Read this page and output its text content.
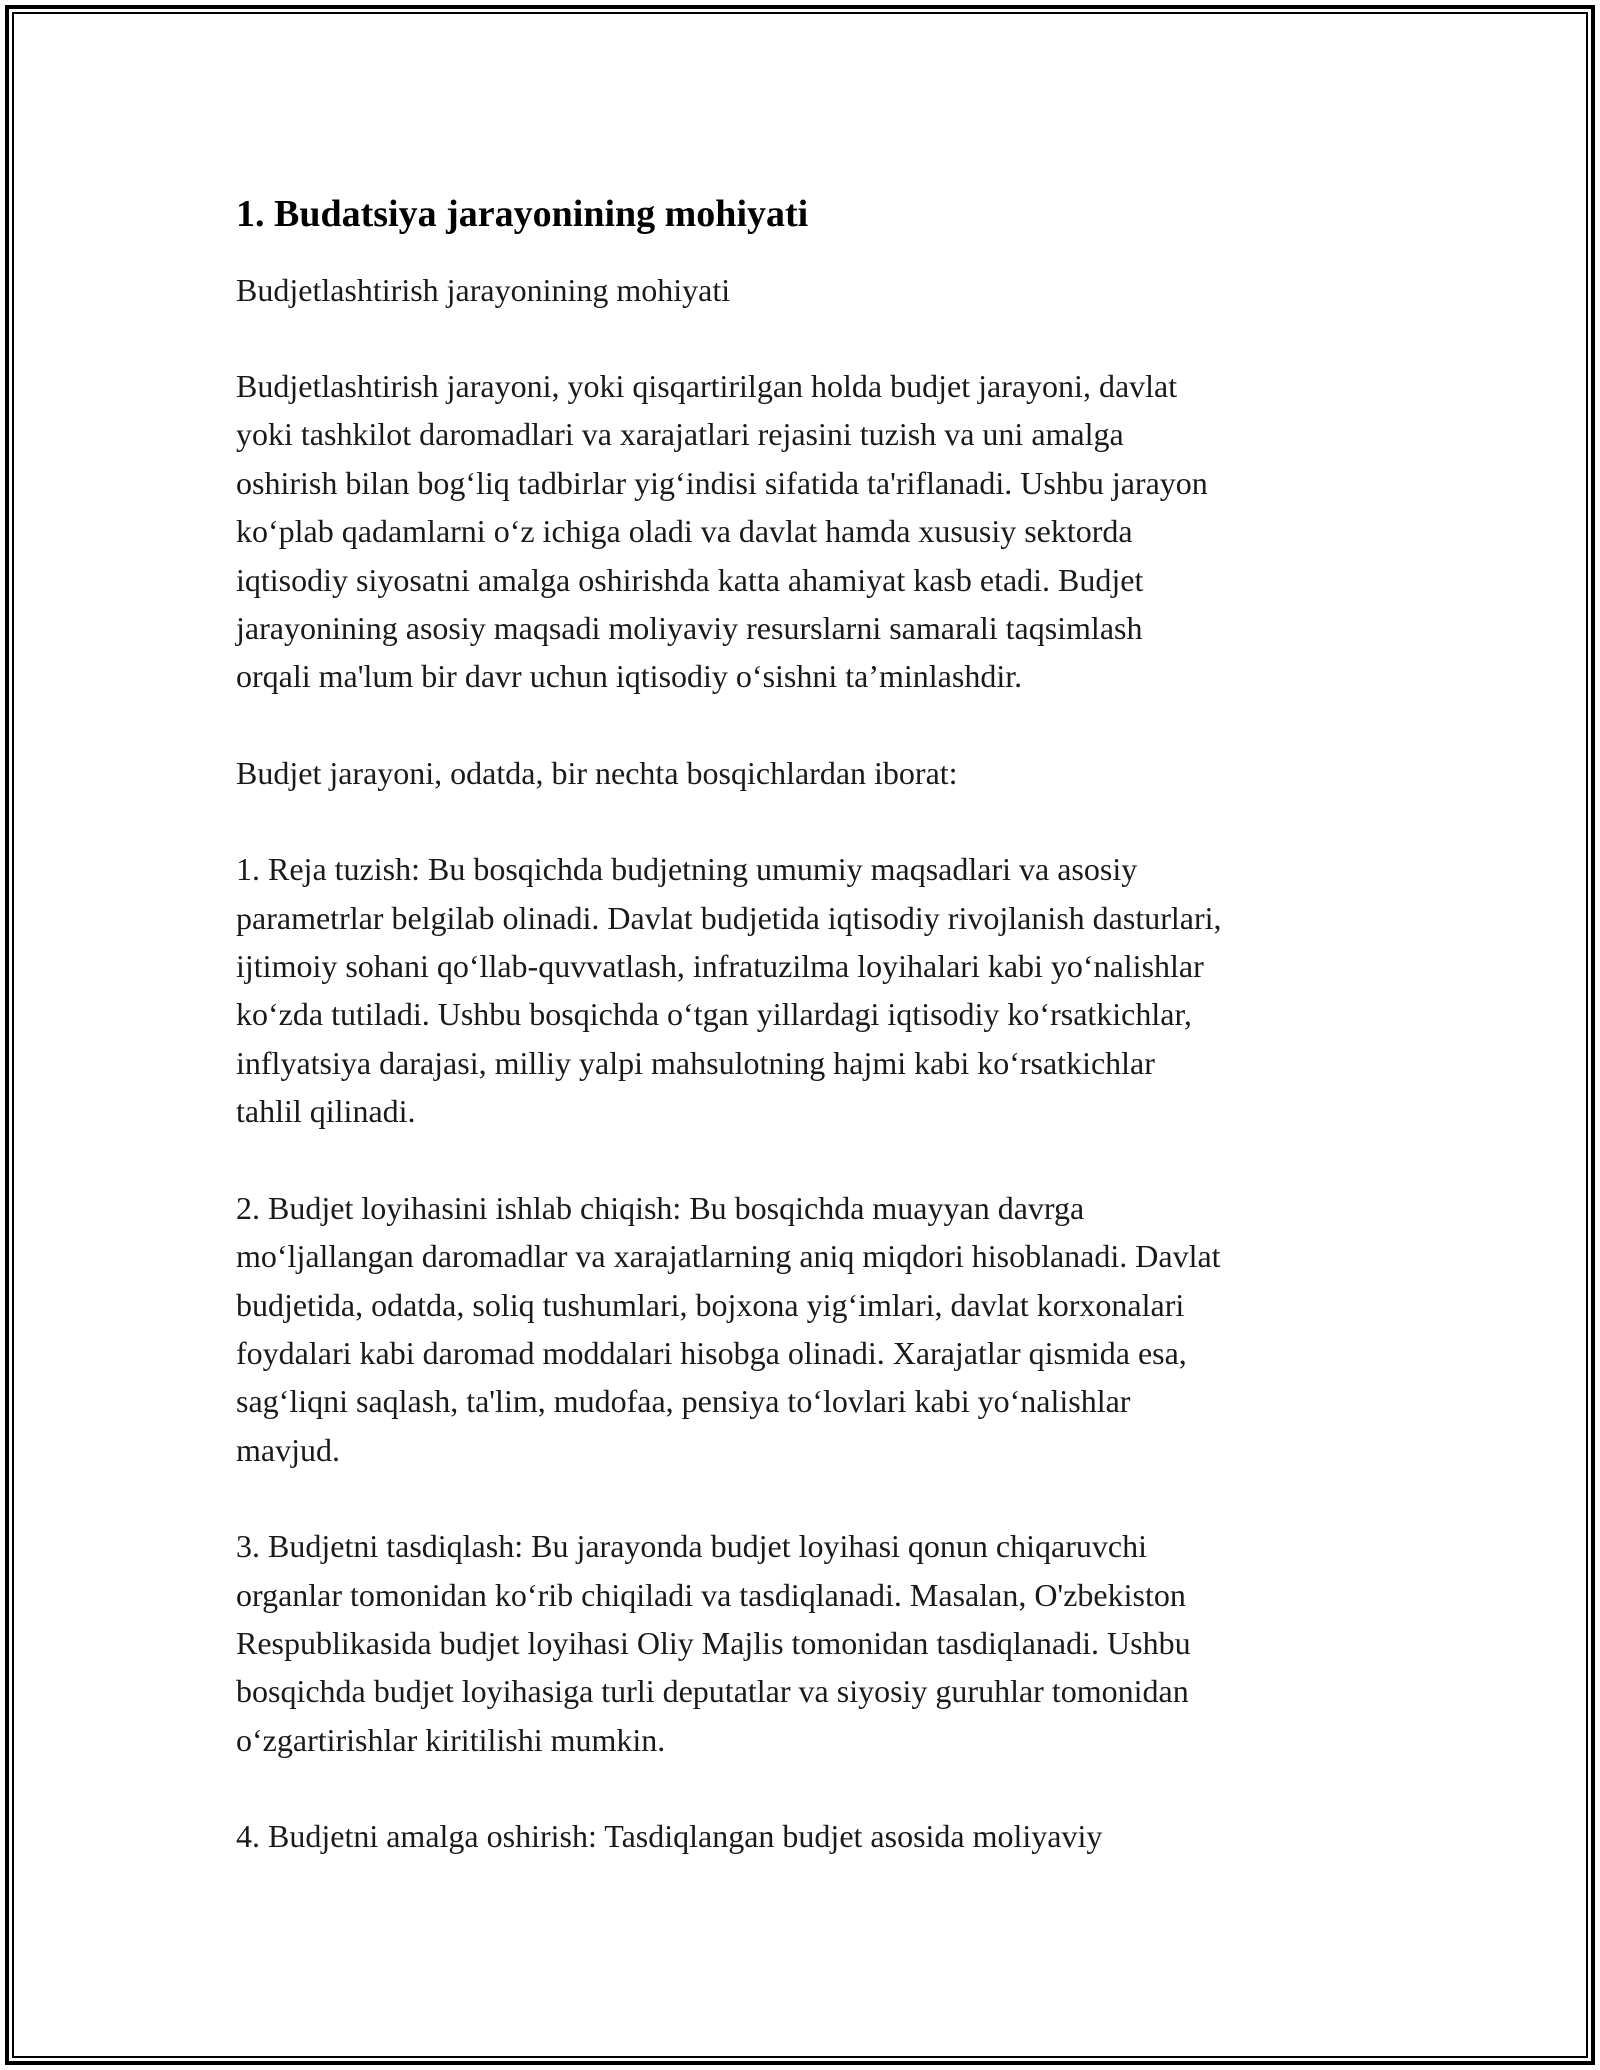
1. Budatsiya jarayonining mohiyati
Budjetlashtirish jarayonining mohiyati
Budjetlashtirish jarayoni, yoki qisqartirilgan holda budjet jarayoni, davlat
yoki tashkilot daromadlari va xarajatlari rejasini tuzish va uni amalga
oshirish bilan bog‘liq tadbirlar yig‘indisi sifatida ta'riflanadi. Ushbu jarayon
ko‘plab qadamlarni o‘z ichiga oladi va davlat hamda xususiy sektorda
iqtisodiy siyosatni amalga oshirishda katta ahamiyat kasb etadi. Budjet
jarayonining asosiy maqsadi moliyaviy resurslarni samarali taqsimlash
orqali ma'lum bir davr uchun iqtisodiy o‘sishni ta’minlashdir.
Budjet jarayoni, odatda, bir nechta bosqichlardan iborat:
1. Reja tuzish: Bu bosqichda budjetning umumiy maqsadlari va asosiy
parametrlar belgilab olinadi. Davlat budjetida iqtisodiy rivojlanish dasturlari,
ijtimoiy sohani qo‘llab-quvvatlash, infratuzilma loyihalari kabi yo‘nalishlar
ko‘zda tutiladi. Ushbu bosqichda o‘tgan yillardagi iqtisodiy ko‘rsatkichlar,
inflyatsiya darajasi, milliy yalpi mahsulotning hajmi kabi ko‘rsatkichlar
tahlil qilinadi.
2. Budjet loyihasini ishlab chiqish: Bu bosqichda muayyan davrga
mo‘ljallangan daromadlar va xarajatlarning aniq miqdori hisoblanadi. Davlat
budjetida, odatda, soliq tushumlari, bojxona yig‘imlari, davlat korxonalari
foydalari kabi daromad moddalari hisobga olinadi. Xarajatlar qismida esa,
sag‘liqni saqlash, ta'lim, mudofaa, pensiya to‘lovlari kabi yo‘nalishlar
mavjud.
3. Budjetni tasdiqlash: Bu jarayonda budjet loyihasi qonun chiqaruvchi
organlar tomonidan ko‘rib chiqiladi va tasdiqlanadi. Masalan, O'zbekiston
Respublikasida budjet loyihasi Oliy Majlis tomonidan tasdiqlanadi. Ushbu
bosqichda budjet loyihasiga turli deputatlar va siyosiy guruhlar tomonidan
o‘zgartirishlar kiritilishi mumkin.
4. Budjetni amalga oshirish: Tasdiqlangan budjet asosida moliyaviy
